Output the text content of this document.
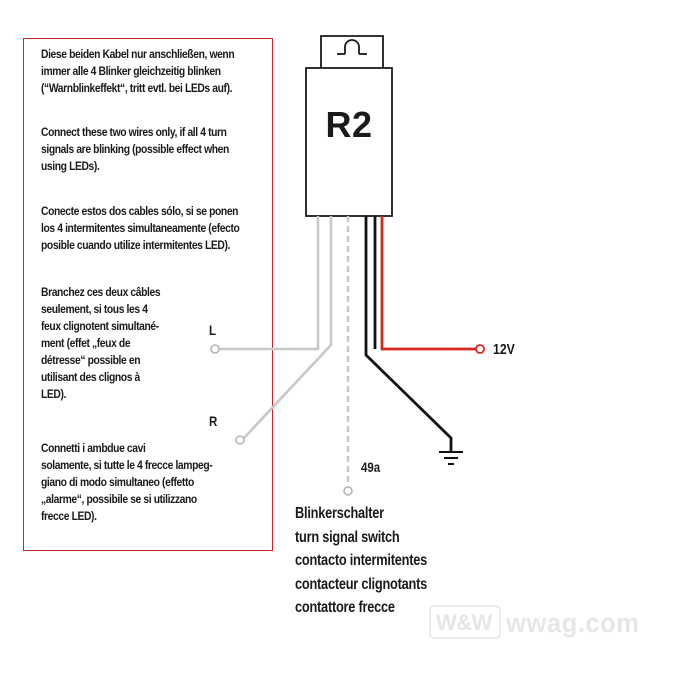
Diese beiden Kabel nur anschließen, wenn
immer alle 4 Blinker gleichzeitig blinken
(“Warnblinkeffekt“, tritt evtl. bei LEDs auf).
Connect these two wires only, if all 4 turn
signals are blinking (possible effect when
using LEDs).
Conecte estos dos cables sólo, si se ponen
los 4 intermitentes simultaneamente (efecto
posible cuando utilize intermitentes LED).
Branchez ces deux câbles
seulement, si tous les 4
feux clignotent simultané-
ment (effet „feux de
détresse“ possible en
utilisant des clignos à
LED).
Connetti i ambdue cavi
solamente, si tutte le 4 frecce lampeg-
giano di modo simultaneo (effetto
„alarme“, possibile se si utilizzano
frecce LED).
R2
L
R
12V
49a
Blinkerschalter
turn signal switch
contacto intermitentes
contacteur clignotants
contattore frecce
W&W wwag.com
